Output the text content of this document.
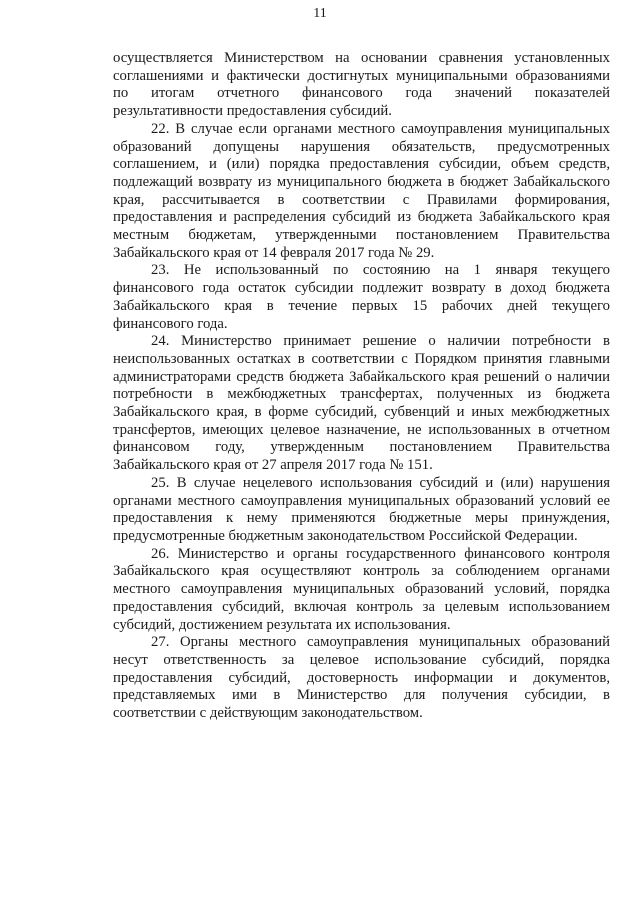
11
осуществляется Министерством на основании сравнения установленных
соглашениями и фактически достигнутых муниципальными образованиями
по итогам отчетного финансового года значений показателей
результативности предоставления субсидий.
22. В случае если органами местного самоуправления муниципальных
образований допущены нарушения обязательств, предусмотренных
соглашением, и (или) порядка предоставления субсидии, объем средств,
подлежащий возврату из муниципального бюджета в бюджет Забайкальского
края, рассчитывается в соответствии с Правилами формирования,
предоставления и распределения субсидий из бюджета Забайкальского края
местным бюджетам, утвержденными постановлением Правительства
Забайкальского края от 14 февраля 2017 года № 29.
23. Не использованный по состоянию на 1 января текущего
финансового года остаток субсидии подлежит возврату в доход бюджета
Забайкальского края в течение первых 15 рабочих дней текущего
финансового года.
24. Министерство принимает решение о наличии потребности в
неиспользованных остатках в соответствии с Порядком принятия главными
администраторами средств бюджета Забайкальского края решений о наличии
потребности в межбюджетных трансфертах, полученных из бюджета
Забайкальского края, в форме субсидий, субвенций и иных межбюджетных
трансфертов, имеющих целевое назначение, не использованных в отчетном
финансовом году, утвержденным постановлением Правительства
Забайкальского края от 27 апреля 2017 года № 151.
25. В случае нецелевого использования субсидий и (или) нарушения
органами местного самоуправления муниципальных образований условий ее
предоставления к нему применяются бюджетные меры принуждения,
предусмотренные бюджетным законодательством Российской Федерации.
26. Министерство и органы государственного финансового контроля
Забайкальского края осуществляют контроль за соблюдением органами
местного самоуправления муниципальных образований условий, порядка
предоставления субсидий, включая контроль за целевым использованием
субсидий, достижением результата их использования.
27. Органы местного самоуправления муниципальных образований
несут ответственность за целевое использование субсидий, порядка
предоставления субсидий, достоверность информации и документов,
представляемых ими в Министерство для получения субсидии, в
соответствии с действующим законодательством.
